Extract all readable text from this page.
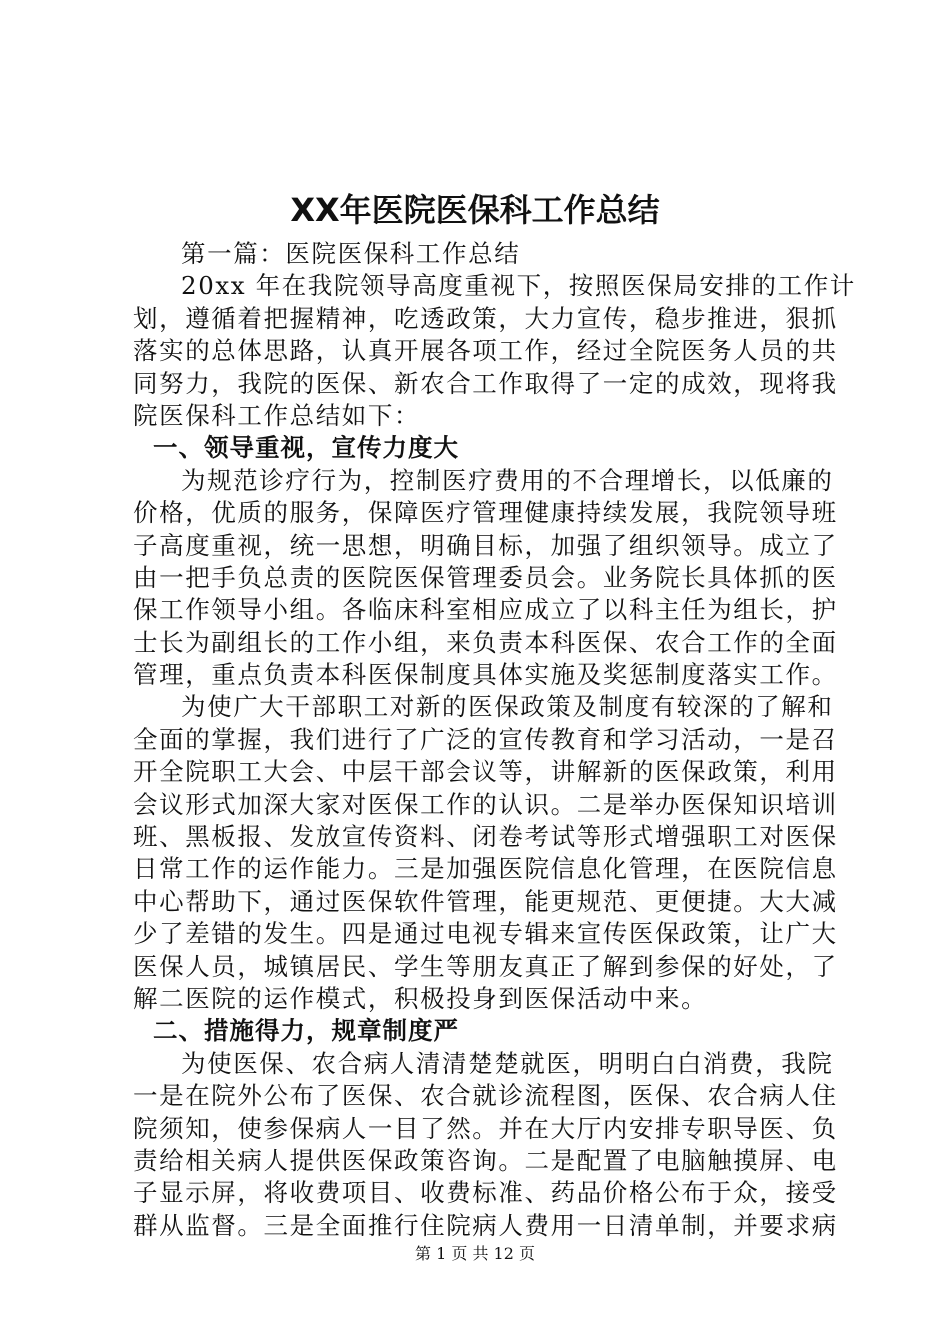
XX年医院医保科工作总结
第一篇：医院医保科工作总结
20xx 年在我院领导高度重视下，按照医保局安排的工作计
划，遵循着把握精神，吃透政策，大力宣传，稳步推进，狠抓
落实的总体思路，认真开展各项工作，经过全院医务人员的共
同努力，我院的医保、新农合工作取得了一定的成效，现将我
院医保科工作总结如下：
一、领导重视，宣传力度大
为规范诊疗行为，控制医疗费用的不合理增长，以低廉的
价格，优质的服务，保障医疗管理健康持续发展，我院领导班
子高度重视，统一思想，明确目标，加强了组织领导。成立了
由一把手负总责的医院医保管理委员会。业务院长具体抓的医
保工作领导小组。各临床科室相应成立了以科主任为组长，护
士长为副组长的工作小组，来负责本科医保、农合工作的全面
管理，重点负责本科医保制度具体实施及奖惩制度落实工作。
为使广大干部职工对新的医保政策及制度有较深的了解和
全面的掌握，我们进行了广泛的宣传教育和学习活动，一是召
开全院职工大会、中层干部会议等，讲解新的医保政策，利用
会议形式加深大家对医保工作的认识。二是举办医保知识培训
班、黑板报、发放宣传资料、闭卷考试等形式增强职工对医保
日常工作的运作能力。三是加强医院信息化管理，在医院信息
中心帮助下，通过医保软件管理，能更规范、更便捷。大大减
少了差错的发生。四是通过电视专辑来宣传医保政策，让广大
医保人员，城镇居民、学生等朋友真正了解到参保的好处，了
解二医院的运作模式，积极投身到医保活动中来。
二、措施得力，规章制度严
为使医保、农合病人清清楚楚就医，明明白白消费，我院
一是在院外公布了医保、农合就诊流程图，医保、农合病人住
院须知，使参保病人一目了然。并在大厅内安排专职导医、负
责给相关病人提供医保政策咨询。二是配置了电脑触摸屏、电
子显示屏，将收费项目、收费标准、药品价格公布于众，接受
群从监督。三是全面推行住院病人费用一日清单制，并要求病

第 1 页 共 12 页
